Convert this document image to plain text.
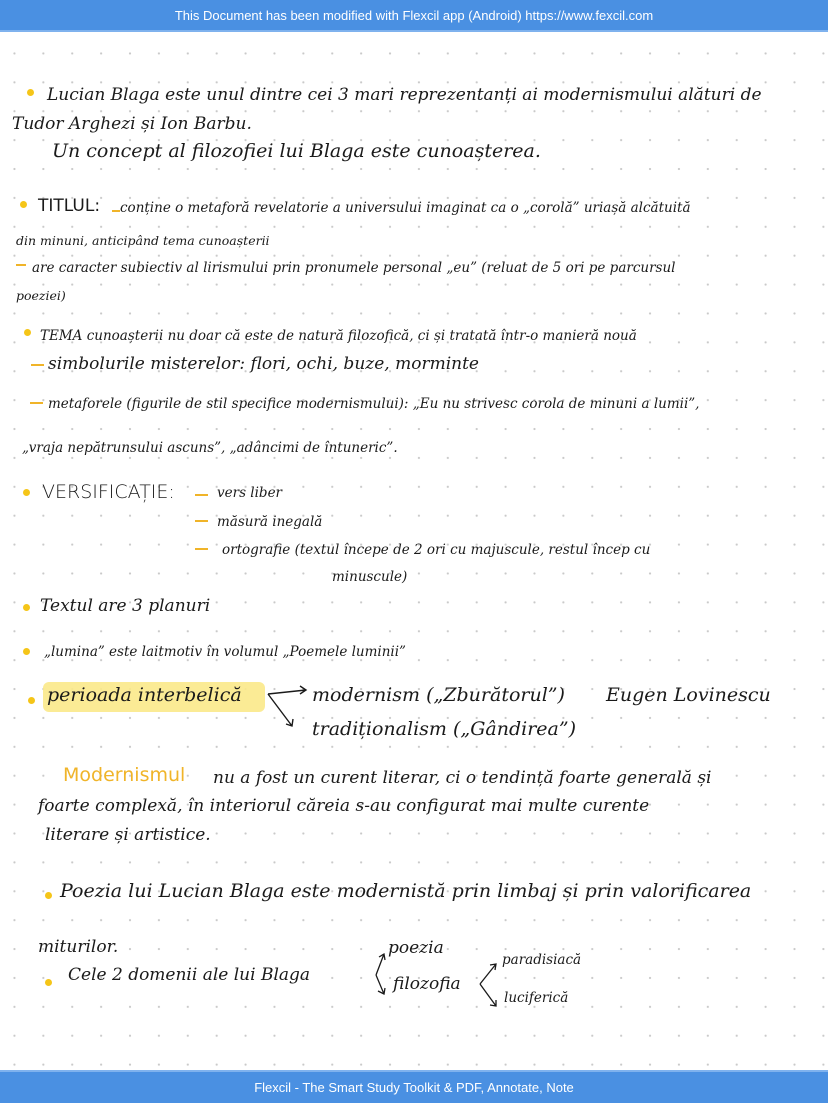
This Document has been modified with Flexcil app (Android) https://www.fexcil.com
Lucian Blaga este unul dintre cei 3 mari reprezentanți ai modernismului alături de
Tudor Arghezi și Ion Barbu.
Un concept al filozofiei lui Blaga este cunoașterea.
TITLUL: conține o metaforă revelatorie a universului imaginat ca o „corolă” uriașă alcătuită
din minuni, anticipând tema cunoașterii
are caracter subiectiv al lirismului prin pronumele personal „eu” (reluat de 5 ori pe parcursul
poeziei)
TEMA cunoașterii nu doar că este de natură filozofică, ci și tratată într-o manieră nouă
simbolurile misterelor: flori, ochi, buze, morminte
metaforele (figurile de stil specifice modernismului): „Eu nu strivesc corola de minuni a lumii”,
„vraja nepătrunsului ascuns”, „adâncimi de întuneric”.
VERSIFICAȚIE:	vers liber
măsură inegală
ortografie (textul începe de 2 ori cu majuscule, restul încep cu
minuscule)
Textul are 3 planuri
„lumina” este laitmotiv în volumul „Poemele luminii”
perioada interbelică	modernism („Zburătorul”) Eugen Lovinescu
tradiționalism („Gândirea”)
Modernismul nu a fost un curent literar, ci o tendință foarte generală și
foarte complexă, în interiorul căreia s-au configurat mai multe curente
literare și artistice.
Poezia lui Lucian Blaga este modernistă prin limbaj și prin valorificarea
miturilor.
Cele 2 domenii ale lui Blaga
poezia
filozofia
paradisiacă
luciferică
Flexcil - The Smart Study Toolkit & PDF, Annotate, Note
